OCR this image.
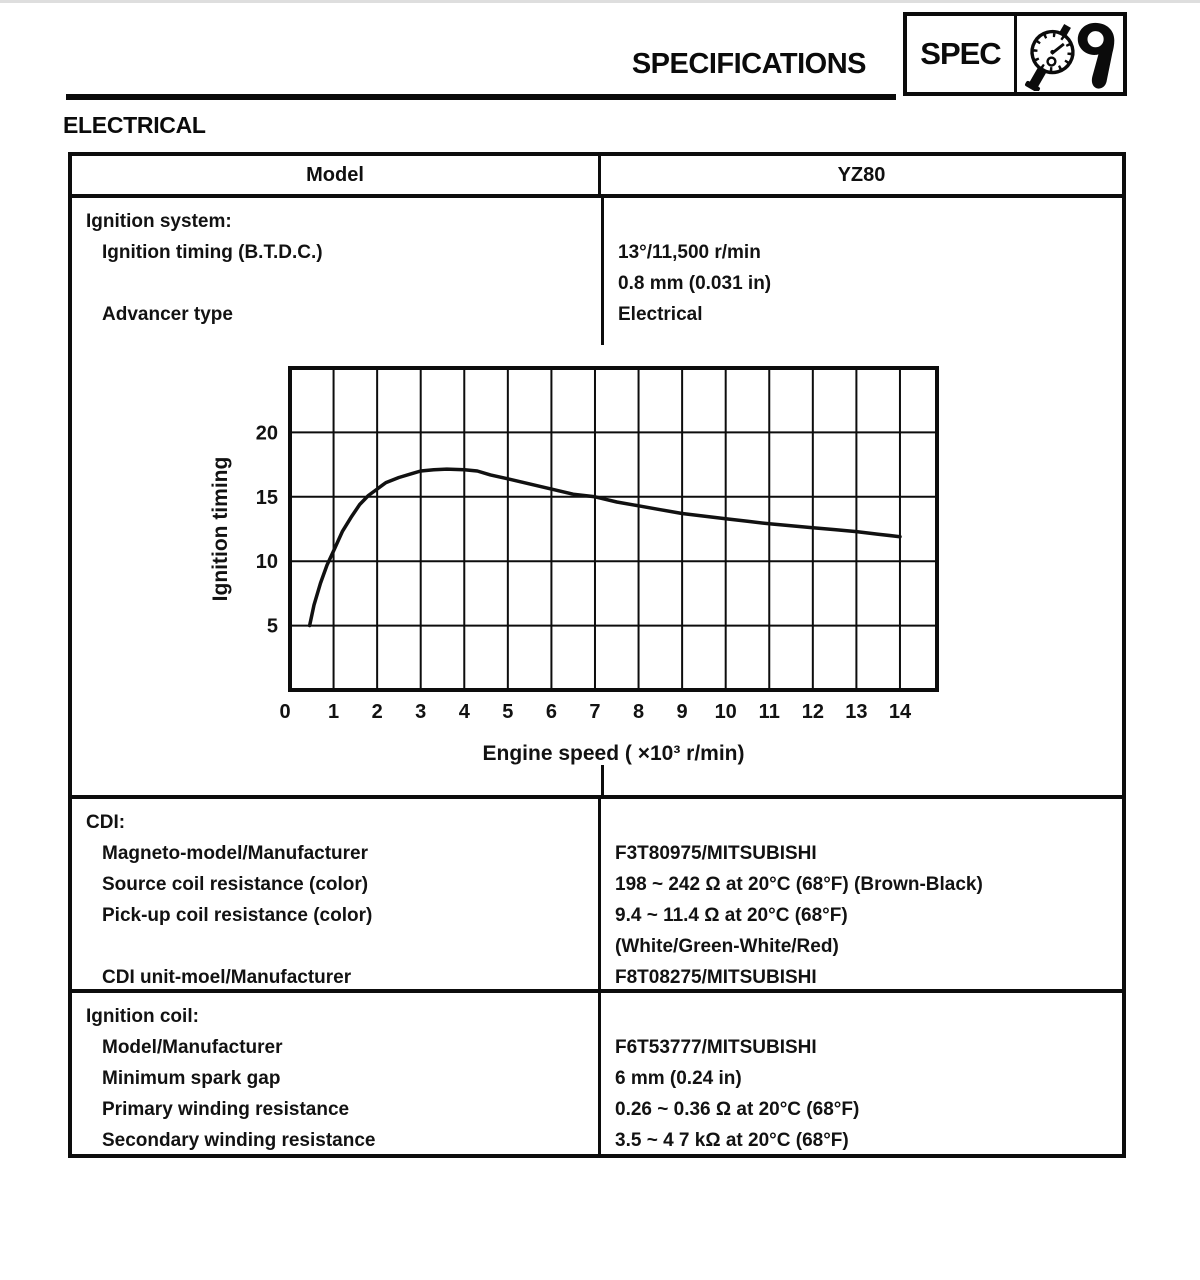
SPECIFICATIONS	SPEC
ELECTRICAL
Model	YZ80
Ignition system:
Ignition timing (B.T.D.C.)
Advancer type
13°/11,500 r/min
0.8 mm (0.031 in)
Electrical
0 1 2 3 4 5 6 7 8 9 10 11 12 13 14
5
10
15
20
Engine speed ( ×10³ r/min)
Ignition timing
CDI:
Magneto-model/Manufacturer
Source coil resistance (color)
Pick-up coil resistance (color)
CDI unit-moel/Manufacturer
F3T80975/MITSUBISHI
198 ~ 242 Ω at 20°C (68°F) (Brown-Black)
9.4 ~ 11.4 Ω at 20°C (68°F)
(White/Green-White/Red)
F8T08275/MITSUBISHI
Ignition coil:
Model/Manufacturer
Minimum spark gap
Primary winding resistance
Secondary winding resistance
F6T53777/MITSUBISHI
6 mm (0.24 in)
0.26 ~ 0.36 Ω at 20°C (68°F)
3.5 ~ 4 7 kΩ at 20°C (68°F)
